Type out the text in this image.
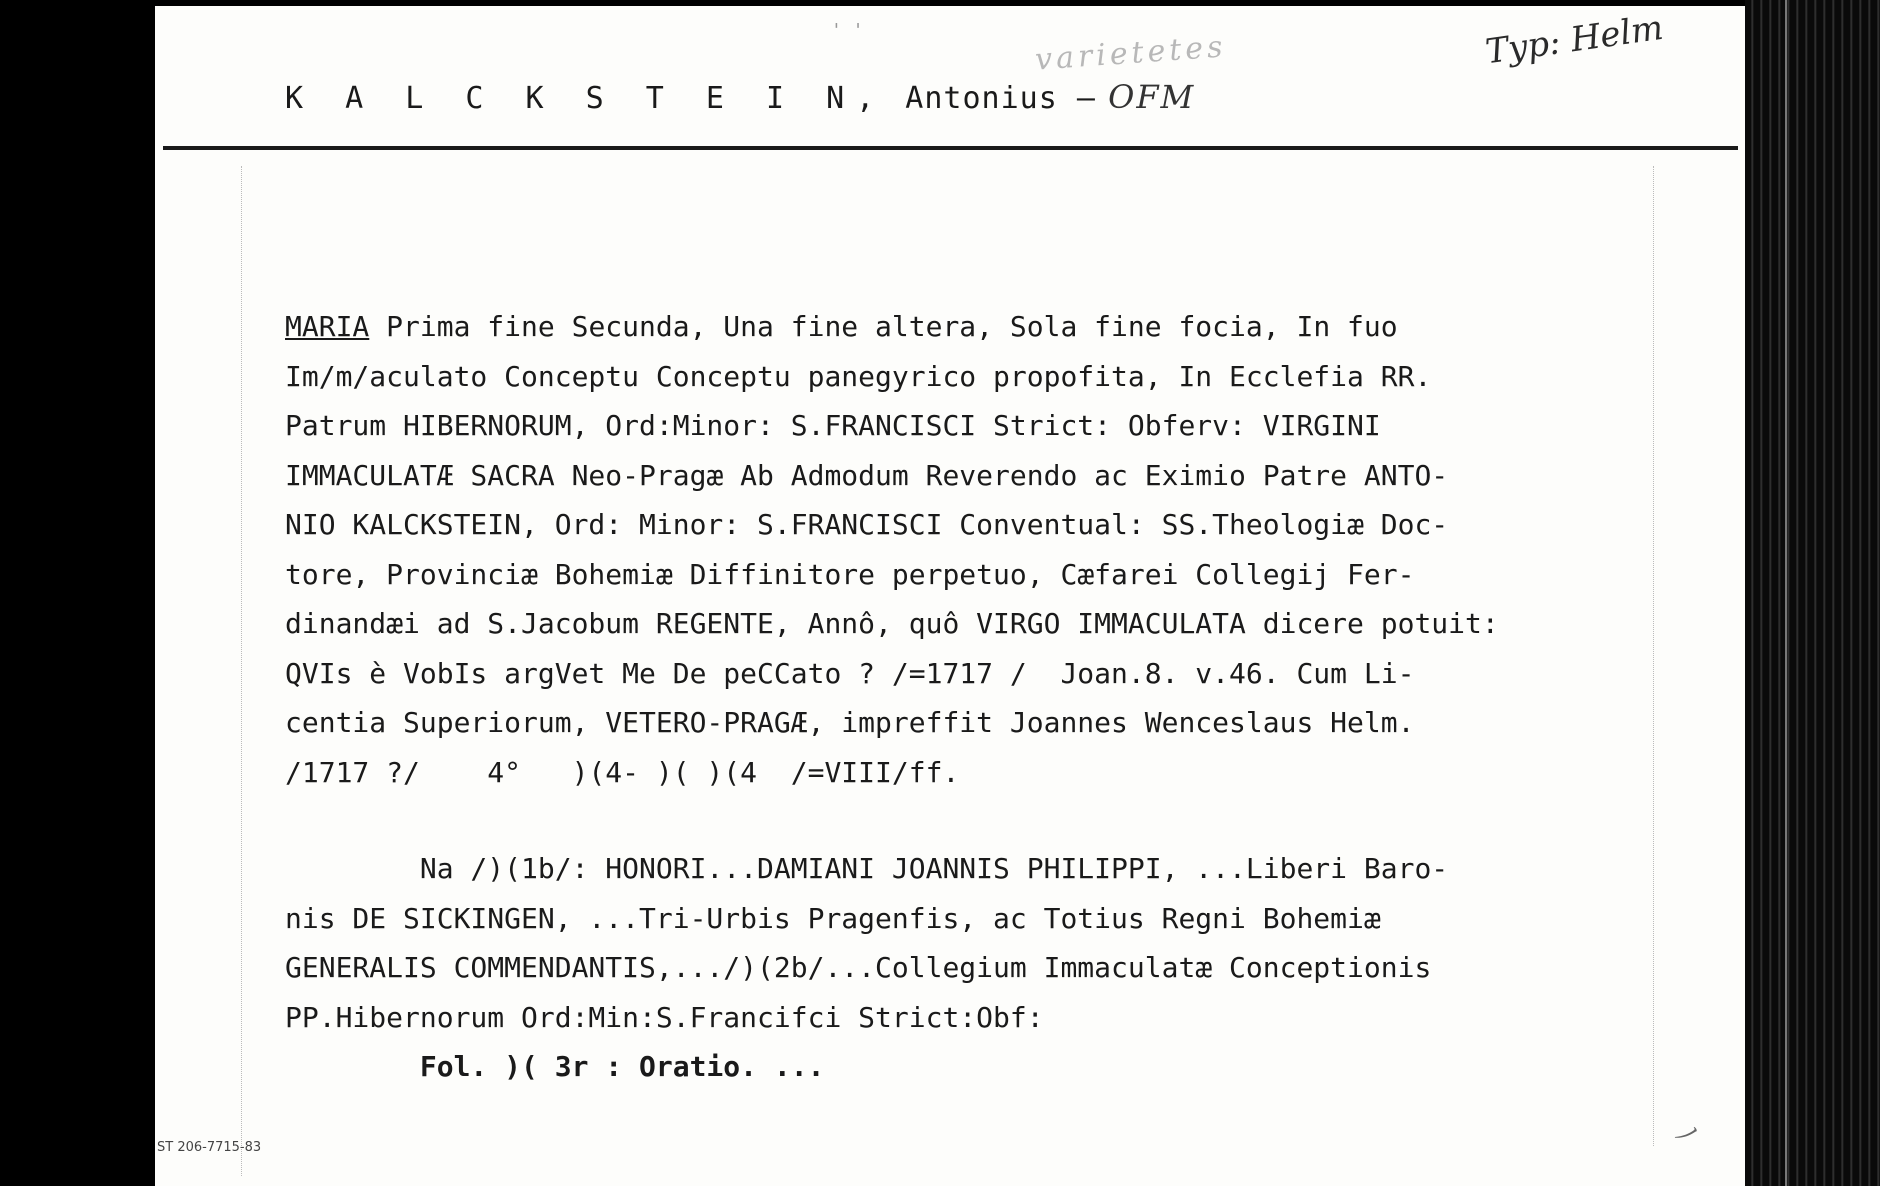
' '	varietetes	Typ: Helm
K A L C K S T E I N, Antonius – OFM
MARIA Prima fine Secunda, Una fine altera, Sola fine focia, In fuo
Im/m/aculato Conceptu Conceptu panegyrico propofita, In Ecclefia RR.
Patrum HIBERNORUM, Ord:Minor: S.FRANCISCI Strict: Obferv: VIRGINI
IMMACULATÆ SACRA Neo-Pragæ Ab Admodum Reverendo ac Eximio Patre ANTO-
NIO KALCKSTEIN, Ord: Minor: S.FRANCISCI Conventual: SS.Theologiæ Doc-
tore, Provinciæ Bohemiæ Diffinitore perpetuo, Cæfarei Collegij Fer-
dinandæi ad S.Jacobum REGENTE, Annô, quô VIRGO IMMACULATA dicere potuit:
QVIs è VobIs argVet Me De peCCato ? /=1717 /  Joan.8. v.46. Cum Li-
centia Superiorum, VETERO-PRAGÆ, impreffit Joannes Wenceslaus Helm.
/1717 ?/    4°   )(4- )( )(4  /=VIII/ff.
Na /)(1b/: HONORI...DAMIANI JOANNIS PHILIPPI, ...Liberi Baro-
nis DE SICKINGEN, ...Tri-Urbis Pragenfis, ac Totius Regni Bohemiæ
GENERALIS COMMENDANTIS,.../)(2b/...Collegium Immaculatæ Conceptionis
PP.Hibernorum Ord:Min:S.Francifci Strict:Obf:
Fol. )( 3r : Oratio. ...
ノ
ST 206-7715-83
